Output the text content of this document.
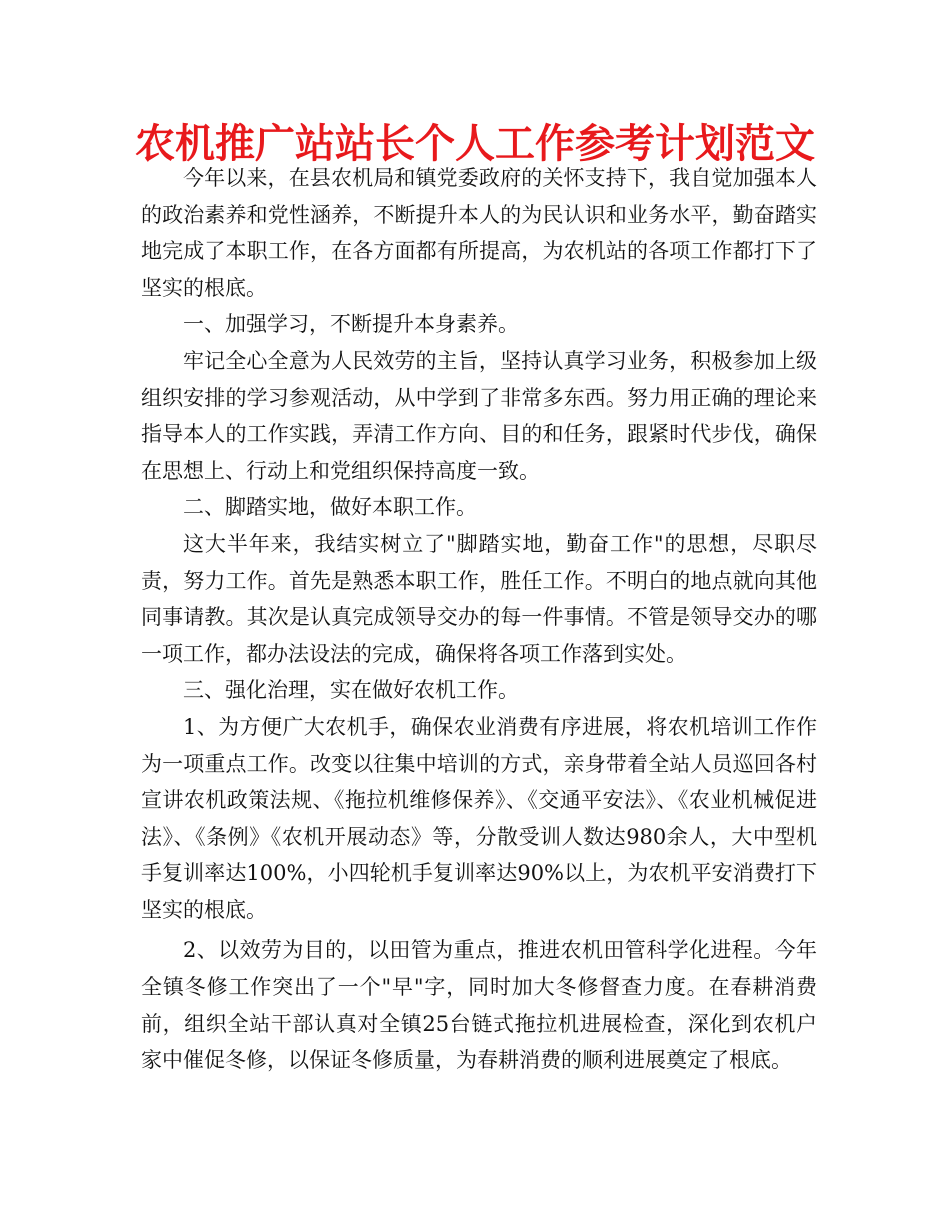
农机推广站站长个人工作参考计划范文

今年以来，在县农机局和镇党委政府的关怀支持下，我自觉加强本人的政治素养和党性涵养，不断提升本人的为民认识和业务水平，勤奋踏实地完成了本职工作，在各方面都有所提高，为农机站的各项工作都打下了坚实的根底。

一、加强学习，不断提升本身素养。

牢记全心全意为人民效劳的主旨，坚持认真学习业务，积极参加上级组织安排的学习参观活动，从中学到了非常多东西。努力用正确的理论来指导本人的工作实践，弄清工作方向、目的和任务，跟紧时代步伐，确保在思想上、行动上和党组织保持高度一致。

二、脚踏实地，做好本职工作。

这大半年来，我结实树立了"脚踏实地，勤奋工作"的思想，尽职尽责，努力工作。首先是熟悉本职工作，胜任工作。不明白的地点就向其他同事请教。其次是认真完成领导交办的每一件事情。不管是领导交办的哪一项工作，都办法设法的完成，确保将各项工作落到实处。

三、强化治理，实在做好农机工作。

1、为方便广大农机手，确保农业消费有序进展，将农机培训工作作为一项重点工作。改变以往集中培训的方式，亲身带着全站人员巡回各村宣讲农机政策法规、《拖拉机维修保养》、《交通平安法》、《农业机械促进法》、《条例》《农机开展动态》等，分散受训人数达980余人，大中型机手复训率达100%，小四轮机手复训率达90%以上，为农机平安消费打下坚实的根底。

2、以效劳为目的，以田管为重点，推进农机田管科学化进程。今年全镇冬修工作突出了一个"早"字，同时加大冬修督查力度。在春耕消费前，组织全站干部认真对全镇25台链式拖拉机进展检查，深化到农机户家中催促冬修，以保证冬修质量，为春耕消费的顺利进展奠定了根底。
